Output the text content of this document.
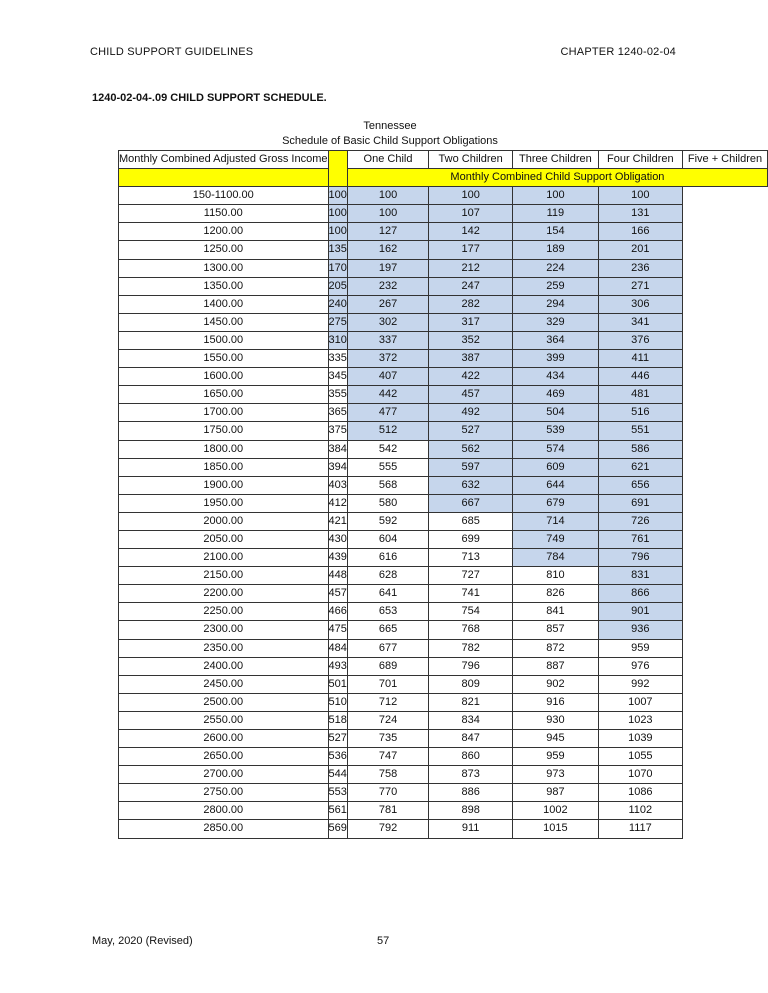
CHILD SUPPORT GUIDELINES	CHAPTER 1240-02-04
1240-02-04-.09 CHILD SUPPORT SCHEDULE.
Tennessee
Schedule of Basic Child Support Obligations
Monthly Combined Adjusted Gross Income		One Child	Two Children	Three Children	Four Children	Five + Children
		Monthly Combined Child Support Obligation				
150-1100.00	100	100	100	100	100	
1150.00	100	100	107	119	131	
1200.00	100	127	142	154	166	
1250.00	135	162	177	189	201	
1300.00	170	197	212	224	236	
1350.00	205	232	247	259	271	
1400.00	240	267	282	294	306	
1450.00	275	302	317	329	341	
1500.00	310	337	352	364	376	
1550.00	335	372	387	399	411	
1600.00	345	407	422	434	446	
1650.00	355	442	457	469	481	
1700.00	365	477	492	504	516	
1750.00	375	512	527	539	551	
1800.00	384	542	562	574	586	
1850.00	394	555	597	609	621	
1900.00	403	568	632	644	656	
1950.00	412	580	667	679	691	
2000.00	421	592	685	714	726	
2050.00	430	604	699	749	761	
2100.00	439	616	713	784	796	
2150.00	448	628	727	810	831	
2200.00	457	641	741	826	866	
2250.00	466	653	754	841	901	
2300.00	475	665	768	857	936	
2350.00	484	677	782	872	959	
2400.00	493	689	796	887	976	
2450.00	501	701	809	902	992	
2500.00	510	712	821	916	1007	
2550.00	518	724	834	930	1023	
2600.00	527	735	847	945	1039	
2650.00	536	747	860	959	1055	
2700.00	544	758	873	973	1070	
2750.00	553	770	886	987	1086	
2800.00	561	781	898	1002	1102	
2850.00	569	792	911	1015	1117	
May, 2020 (Revised)	57
